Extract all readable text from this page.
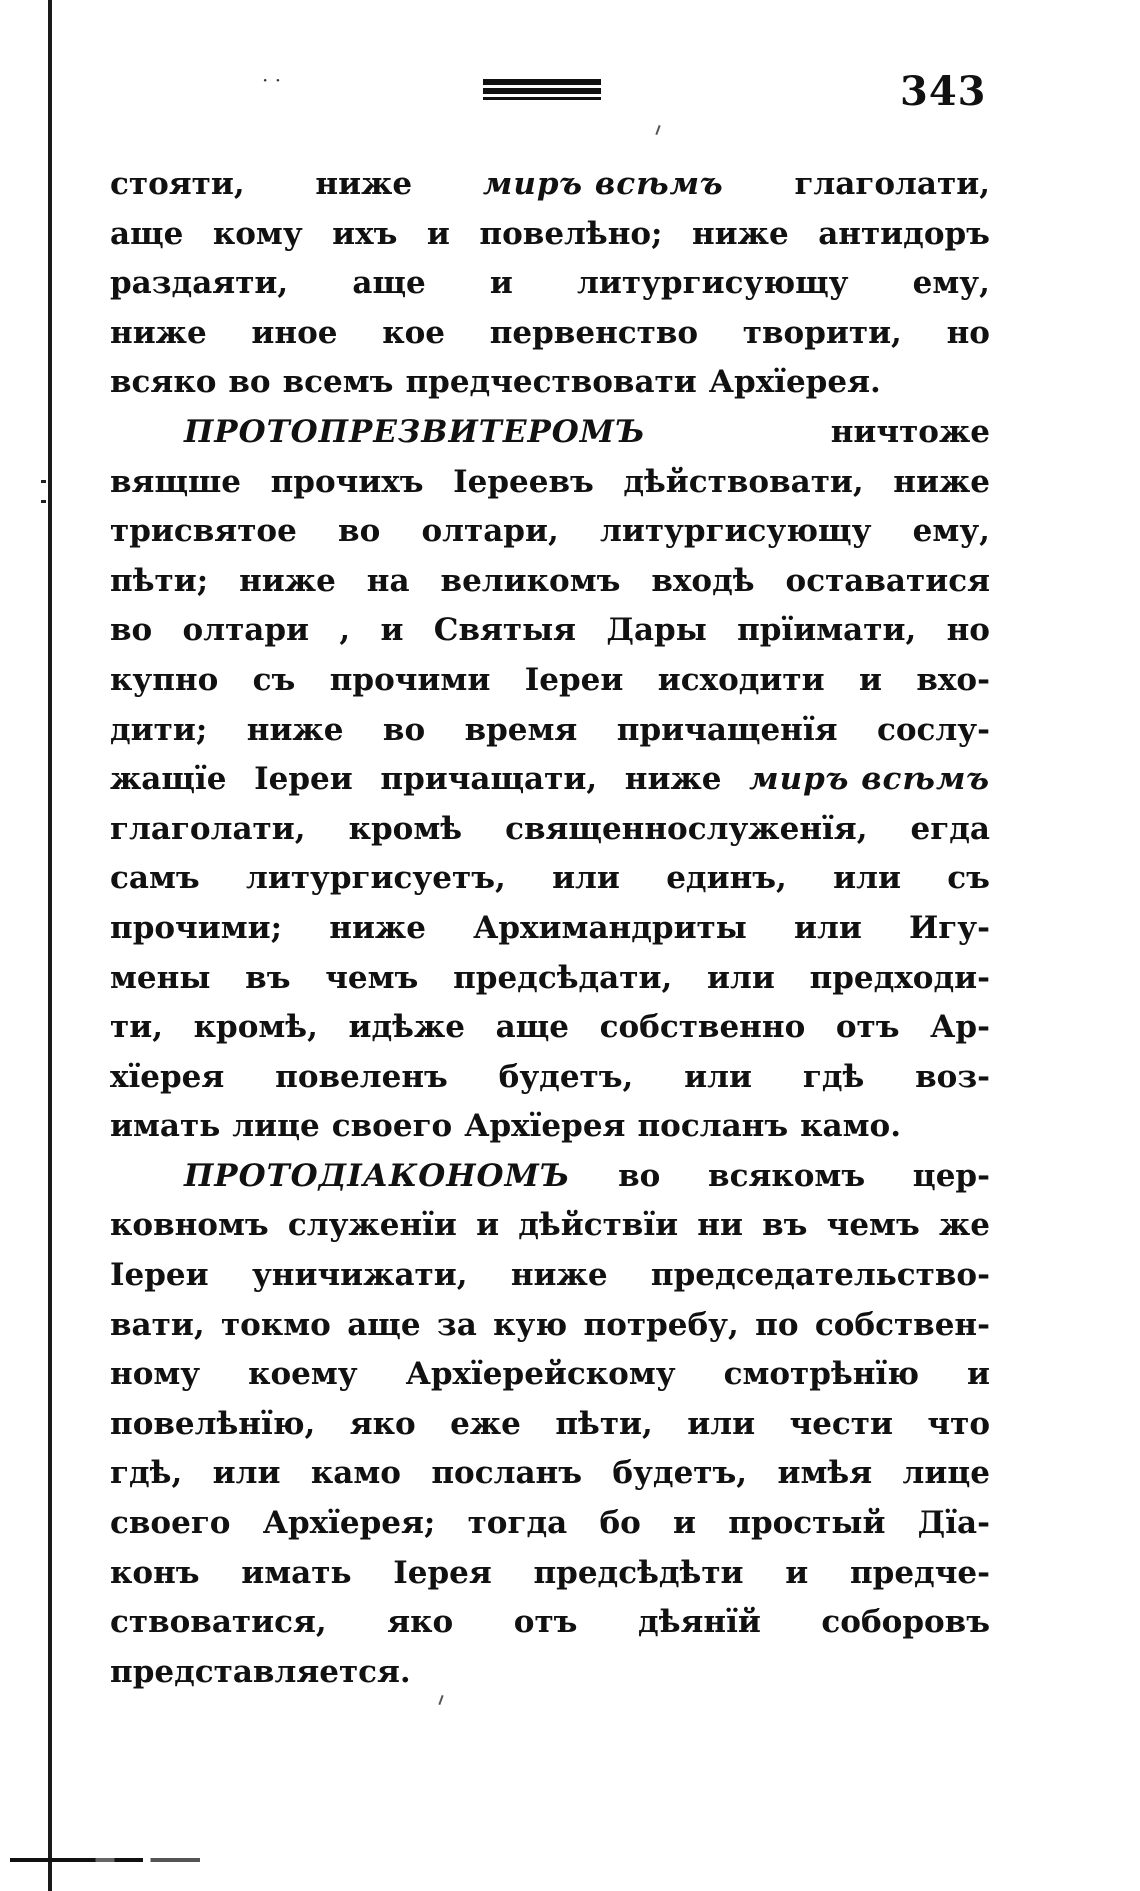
· ·	343
стояти, ниже миръ всѣмъ глаголати,
аще кому ихъ и повелѣно; ниже антидоръ
раздаяти, аще и литургисующу ему,
ниже иное кое первенство творити, но
всяко во всемъ предчествовати Архїерея.
ПРОТОПРЕЗВИТЕРОМЪ	ничтоже
вящше прочихъ Iереевъ дѣйствовати, ниже
трисвятое во олтари, литургисующу ему,
пѣти; ниже на великомъ входѣ оставатися
во олтари , и Святыя Дары прїимати, но
купно съ прочими Iереи исходити и вхо-
дити; ниже во время причащенїя сослу-
жащїе Iереи причащати, ниже миръ всѣмъ
глаголати, кромѣ священнослуженїя, егда
самъ литургисуетъ, или единъ, или съ
прочими; ниже Архимандриты или Игу-
мены въ чемъ предсѣдати, или предходи-
ти, кромѣ, идѣже аще собственно отъ Ар-
хїерея повеленъ будетъ, или гдѣ воз-
имать лице своего Архїерея посланъ камо.
ПРОТОДIАКОНОМЪ во всякомъ цер-
ковномъ служенїи и дѣйствїи ни въ чемъ же
Iереи уничижати, ниже председательство-
вати, токмо аще за кую потребу, по собствен-
ному коему Архїерейскому смотрѣнїю и
повелѣнїю, яко еже пѣти, или чести что
гдѣ, или камо посланъ будетъ, имѣя лице
своего Архїерея; тогда бо и простый Дїа-
конъ имать Iерея предсѣдѣти и предче-
ствоватися, яко отъ дѣянїй соборовъ
представляется.
